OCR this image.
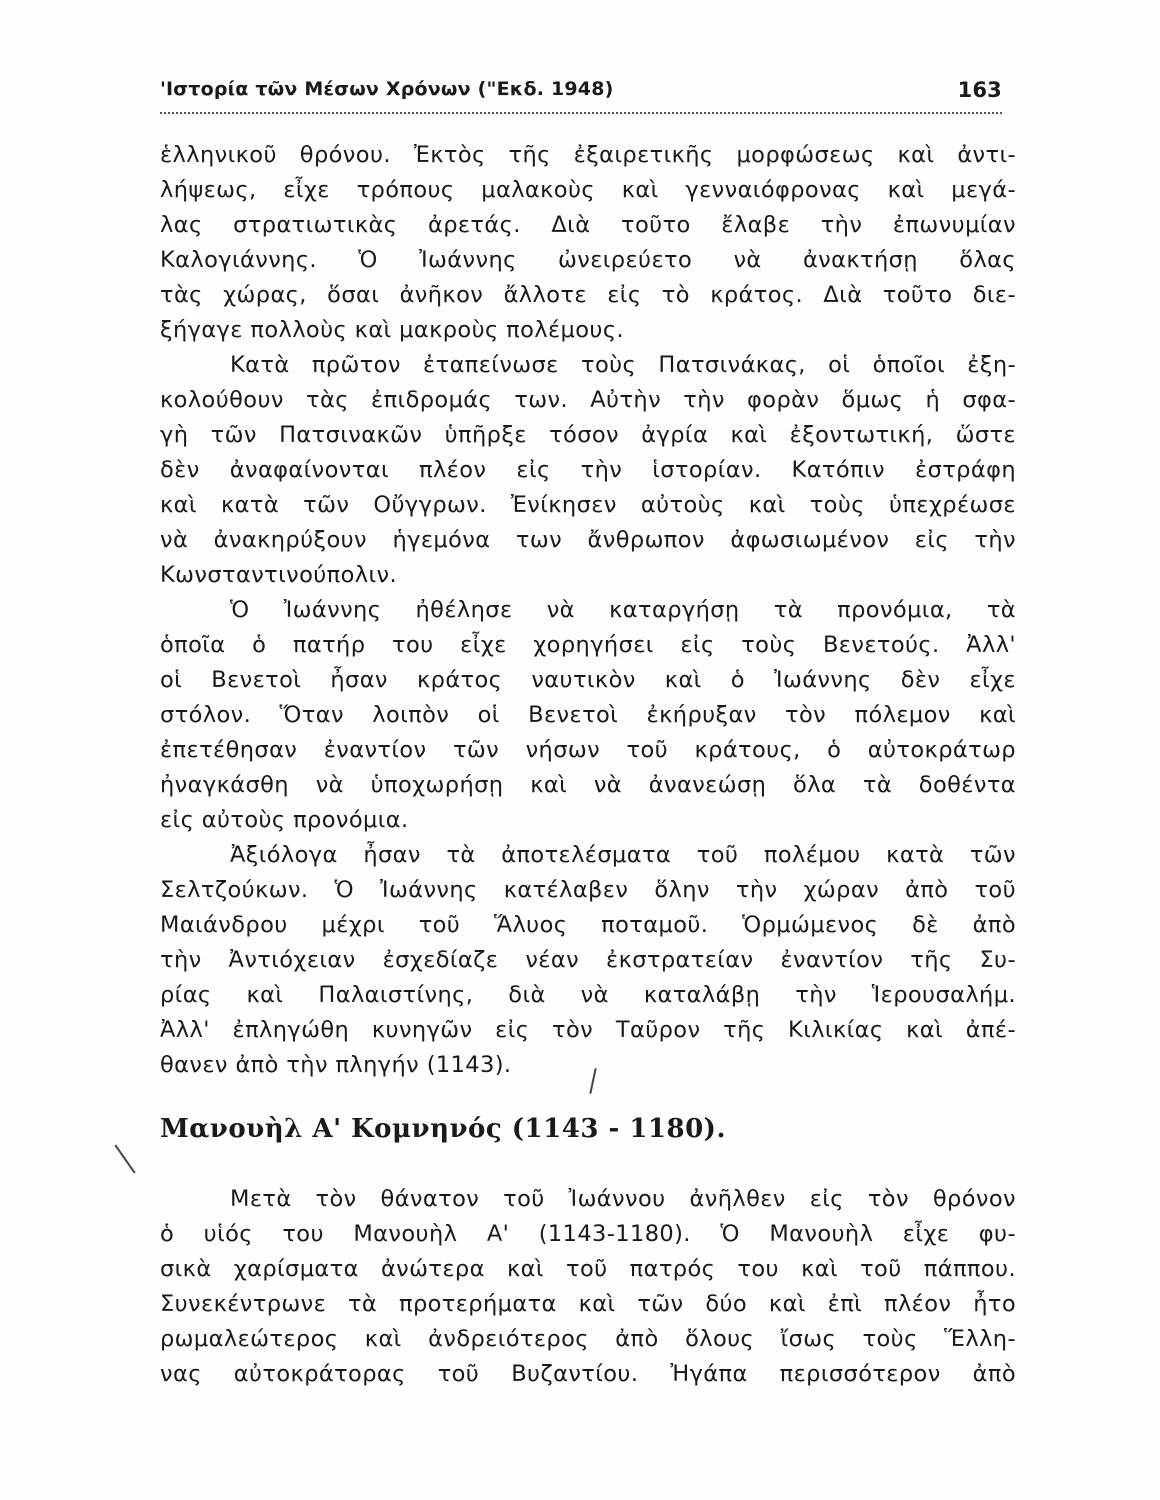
'Ιστορία τῶν Μέσων Χρόνων ("Εκδ. 1948)	163
ἑλληνικοῦ θρόνου. Ἐκτὸς τῆς ἐξαιρετικῆς μορφώσεως καὶ ἀντι-
λήψεως, εἶχε τρόπους μαλακοὺς καὶ γενναιόφρονας καὶ μεγά-
λας στρατιωτικὰς ἀρετάς. Διὰ τοῦτο ἔλαβε τὴν ἐπωνυμίαν
Καλογιάννης. Ὁ Ἰωάννης ὠνειρεύετο νὰ ἀνακτήσῃ ὅλας
τὰς χώρας, ὅσαι ἀνῆκον ἄλλοτε εἰς τὸ κράτος. Διὰ τοῦτο διε-
ξήγαγε πολλοὺς καὶ μακροὺς πολέμους.
Κατὰ πρῶτον ἐταπείνωσε τοὺς Πατσινάκας, οἱ ὁποῖοι ἐξη-
κολούθουν τὰς ἐπιδρομάς των. Αὐτὴν τὴν φορὰν ὅμως ἡ σφα-
γὴ τῶν Πατσινακῶν ὑπῆρξε τόσον ἀγρία καὶ ἐξοντωτική, ὥστε
δὲν ἀναφαίνονται πλέον εἰς τὴν ἱστορίαν. Κατόπιν ἐστράφη
καὶ κατὰ τῶν Οὔγγρων. Ἐνίκησεν αὐτοὺς καὶ τοὺς ὑπεχρέωσε
νὰ ἀνακηρύξουν ἡγεμόνα των ἄνθρωπον ἀφωσιωμένον εἰς τὴν
Κωνσταντινούπολιν.
Ὁ Ἰωάννης ἠθέλησε νὰ καταργήσῃ τὰ προνόμια, τὰ
ὁποῖα ὁ πατήρ του εἶχε χορηγήσει εἰς τοὺς Βενετούς. Ἀλλ'
οἱ Βενετοὶ ἦσαν κράτος ναυτικὸν καὶ ὁ Ἰωάννης δὲν εἶχε
στόλον. Ὅταν λοιπὸν οἱ Βενετοὶ ἐκήρυξαν τὸν πόλεμον καὶ
ἐπετέθησαν ἐναντίον τῶν νήσων τοῦ κράτους, ὁ αὐτοκράτωρ
ἠναγκάσθη νὰ ὑποχωρήσῃ καὶ νὰ ἀνανεώσῃ ὅλα τὰ δοθέντα
εἰς αὐτοὺς προνόμια.
Ἀξιόλογα ἦσαν τὰ ἀποτελέσματα τοῦ πολέμου κατὰ τῶν
Σελτζούκων. Ὁ Ἰωάννης κατέλαβεν ὅλην τὴν χώραν ἀπὸ τοῦ
Μαιάνδρου μέχρι τοῦ Ἅλυος ποταμοῦ. Ὁρμώμενος δὲ ἀπὸ
τὴν Ἀντιόχειαν ἐσχεδίαζε νέαν ἐκστρατείαν ἐναντίον τῆς Συ-
ρίας καὶ Παλαιστίνης, διὰ νὰ καταλάβῃ τὴν Ἱερουσαλήμ.
Ἀλλ' ἐπληγώθη κυνηγῶν εἰς τὸν Ταῦρον τῆς Κιλικίας καὶ ἀπέ-
θανεν ἀπὸ τὴν πληγήν (1143).
Μανουὴλ Α' Κομνηνός (1143 - 1180).
Μετὰ τὸν θάνατον τοῦ Ἰωάννου ἀνῆλθεν εἰς τὸν θρόνον
ὁ υἱός του Μανουὴλ Α' (1143-1180). Ὁ Μανουὴλ εἶχε φυ-
σικὰ χαρίσματα ἀνώτερα καὶ τοῦ πατρός του καὶ τοῦ πάππου.
Συνεκέντρωνε τὰ προτερήματα καὶ τῶν δύο καὶ ἐπὶ πλέον ἦτο
ρωμαλεώτερος καὶ ἀνδρειότερος ἀπὸ ὅλους ἴσως τοὺς Ἕλλη-
νας αὐτοκράτορας τοῦ Βυζαντίου. Ἠγάπα περισσότερον ἀπὸ
